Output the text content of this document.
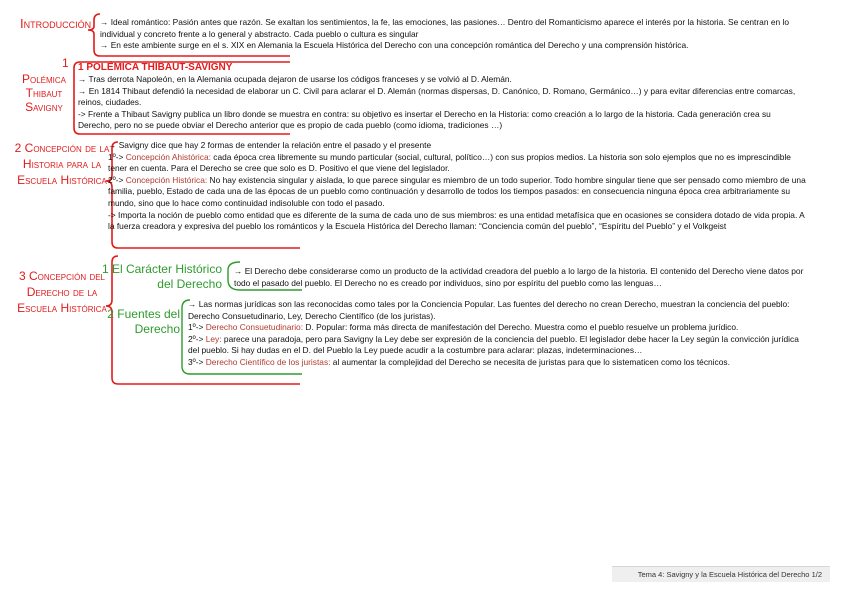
Introducción → Ideal romántico: Pasión antes que razón. Se exaltan los sentimientos, la fe, las emociones, las pasiones… Dentro del Romanticismo aparece el interés por la historia. Se centran en lo individual y concreto frente a lo general y abstracto. Cada pueblo o cultura es singular

→ En este ambiente surge en el s. XIX en Alemania la Escuela Histórica del Derecho con una concepción romántica del Derecho y una comprensión histórica.

1
Polémica Thibaut Savigny
1 POLÉMICA THIBAUT-SAVIGNY

→ Tras derrota Napoleón, en la Alemania ocupada dejaron de usarse los códigos franceses y se volvió al D. Alemán.

→ En 1814 Thibaut defendió la necesidad de elaborar un C. Civil para aclarar el D. Alemán (normas dispersas, D. Canónico, D. Romano, Germánico…) y para evitar diferencias entre comarcas, reinos, ciudades.

-> Frente a Thibaut Savigny publica un libro donde se muestra en contra: su objetivo es insertar el Derecho en la Historia: como creación a lo largo de la historia. Cada generación crea su Derecho, pero no se puede obviar el Derecho anterior que es propio de cada pueblo (como idioma, tradiciones …)

2 Concepción de la Historia para la Escuela Histórica

→ Savigny dice que hay 2 formas de entender la relación entre el pasado y el presente

1º-> Concepción Ahistórica: cada época crea libremente su mundo particular (social, cultural, político…) con sus propios medios. La historia son solo ejemplos que no es imprescindible tener en cuenta. Para el Derecho se cree que solo es D. Positivo el que viene del legislador.

2º-> Concepción Histórica: No hay existencia singular y aislada, lo que parece singular es miembro de un todo superior. Todo hombre singular tiene que ser pensado como miembro de una familia, pueblo, Estado de cada una de las épocas de un pueblo como continuación y desarrollo de todos los tiempos pasados: en consecuencia ninguna época crea arbitrariamente su mundo, sino que lo hace como continuidad indisoluble con todo el pasado.

-> Importa la noción de pueblo como entidad que es diferente de la suma de cada uno de sus miembros: es una entidad metafísica que en ocasiones se considera dotado de vida propia. A la fuerza creadora y expresiva del pueblo los románticos y la Escuela Histórica del Derecho llaman: “Conciencia común del pueblo”, “Espíritu del Pueblo” y el Volkgeist

3 Concepción del Derecho de la Escuela Histórica
1 El Carácter Histórico del Derecho

→ El Derecho debe considerarse como un producto de la actividad creadora del pueblo a lo largo de la historia. El contenido del Derecho viene datos por todo el pasado del pueblo. El Derecho no es creado por individuos, sino por espíritu del pueblo como las lenguas…

2 Fuentes del Derecho

→ Las normas jurídicas son las reconocidas como tales por la Conciencia Popular. Las fuentes del derecho no crean Derecho, muestran la conciencia del pueblo: Derecho Consuetudinario, Ley, Derecho Científico (de los juristas).

1º-> Derecho Consuetudinario: D. Popular: forma más directa de manifestación del Derecho. Muestra como el pueblo resuelve un problema jurídico.

2º-> Ley: parece una paradoja, pero para Savigny la Ley debe ser expresión de la conciencia del pueblo. El legislador debe hacer la Ley según la convicción jurídica del pueblo. Si hay dudas en el D. del Pueblo la Ley puede acudir a la costumbre para aclarar: plazas, indeterminaciones…

3º-> Derecho Científico de los juristas: al aumentar la complejidad del Derecho se necesita de juristas para que lo sistematicen como los técnicos.

Tema 4: Savigny y la Escuela Histórica del Derecho 1/2
